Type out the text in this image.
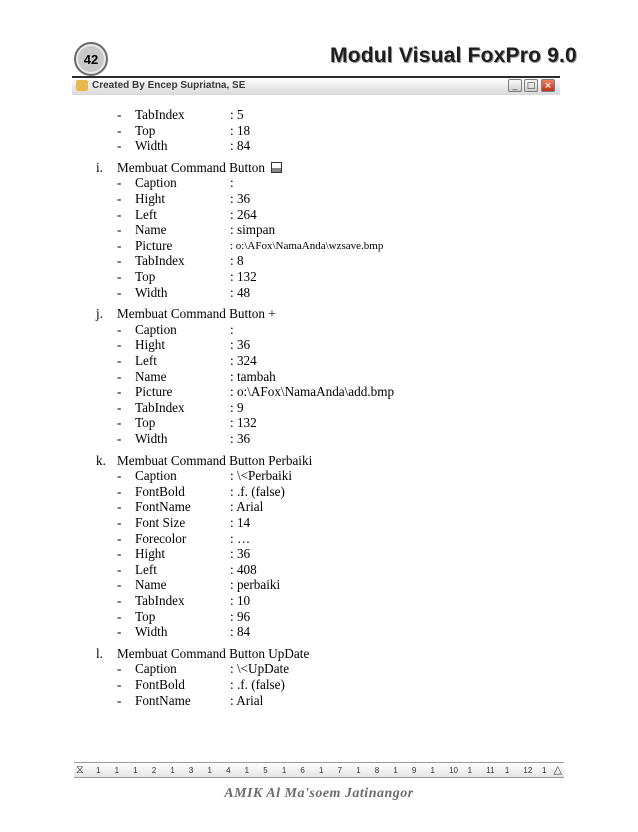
42	Modul Visual FoxPro 9.0
Created By Encep Supriatna, SE	_	□ ×
- TabIndex	: 5
- Top	: 18
- Width	: 84
i. Membuat Command Button
- Caption	:
- Hight	: 36
- Left	: 264
- Name	: simpan
- Picture	: o:\AFox\NamaAnda\wzsave.bmp
- TabIndex	: 8
- Top	: 132
- Width	: 48
j. Membuat Command Button +
- Caption	:
- Hight	: 36
- Left	: 324
- Name	: tambah
- Picture	: o:\AFox\NamaAnda\add.bmp
- TabIndex	: 9
- Top	: 132
- Width	: 36
k. Membuat Command Button Perbaiki
- Caption	: \<Perbaiki
- FontBold	: .f. (false)
- FontName	: Arial
- Font Size	: 14
- Forecolor	: …
- Hight	: 36
- Left	: 408
- Name	: perbaiki
- TabIndex	: 10
- Top	: 96
- Width	: 84
l. Membuat Command Button UpDate
- Caption	: \<UpDate
- FontBold	: .f. (false)
- FontName	: Arial
⧖	△
1 1 1 2 1 3 1 4 1 5 1 6 1 7 1 8 1 9 1 10 1 11 1 12 1
AMIK Al Ma'soem Jatinangor
